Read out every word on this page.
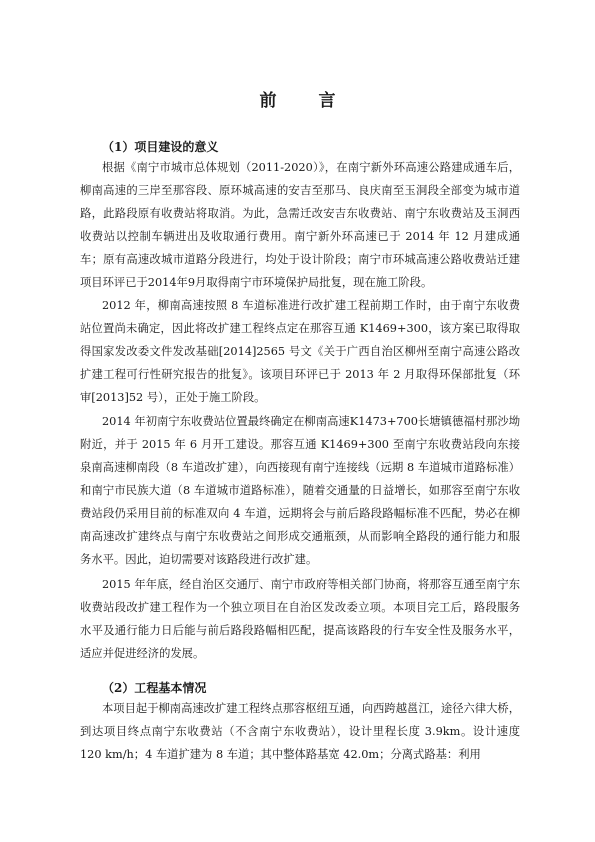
前 言
（1）项目建设的意义

根据《南宁市城市总体规划（2011-2020）》，在南宁新外环高速公路建成通车后，柳南高速的三岸至那容段、原环城高速的安吉至那马、良庆南至玉洞段全部变为城市道路，此路段原有收费站将取消。为此，急需迁改安吉东收费站、南宁东收费站及玉洞西收费站以控制车辆进出及收取通行费用。南宁新外环高速已于 2014 年 12 月建成通车；原有高速改城市道路分段进行，均处于设计阶段；南宁市环城高速公路收费站迁建项目环评已于2014年9月取得南宁市环境保护局批复，现在施工阶段。

2012 年，柳南高速按照 8 车道标准进行改扩建工程前期工作时，由于南宁东收费站位置尚未确定，因此将改扩建工程终点定在那容互通 K1469+300，该方案已取得取得国家发改委文件发改基础[2014]2565 号文《关于广西自治区柳州至南宁高速公路改扩建工程可行性研究报告的批复》。该项目环评已于 2013 年 2 月取得环保部批复（环审[2013]52 号），正处于施工阶段。

2014 年初南宁东收费站位置最终确定在柳南高速K1473+700长塘镇德福村那沙坳附近，并于 2015 年 6 月开工建设。那容互通 K1469+300 至南宁东收费站段向东接泉南高速柳南段（8 车道改扩建），向西接现有南宁连接线（远期 8 车道城市道路标准）和南宁市民族大道（8 车道城市道路标准），随着交通量的日益增长，如那容至南宁东收费站段仍采用目前的标准双向 4 车道，远期将会与前后路段路幅标准不匹配，势必在柳南高速改扩建终点与南宁东收费站之间形成交通瓶颈，从而影响全路段的通行能力和服务水平。因此，迫切需要对该路段进行改扩建。

2015 年年底，经自治区交通厅、南宁市政府等相关部门协商，将那容互通至南宁东收费站段改扩建工程作为一个独立项目在自治区发改委立项。本项目完工后，路段服务水平及通行能力日后能与前后路段路幅相匹配，提高该路段的行车安全性及服务水平，适应并促进经济的发展。

（2）工程基本情况

本项目起于柳南高速改扩建工程终点那容枢纽互通，向西跨越邕江，途径六律大桥，到达项目终点南宁东收费站（不含南宁东收费站），设计里程长度 3.9km。设计速度 120 km/h；4 车道扩建为 8 车道；其中整体路基宽 42.0m；分离式路基：利用
